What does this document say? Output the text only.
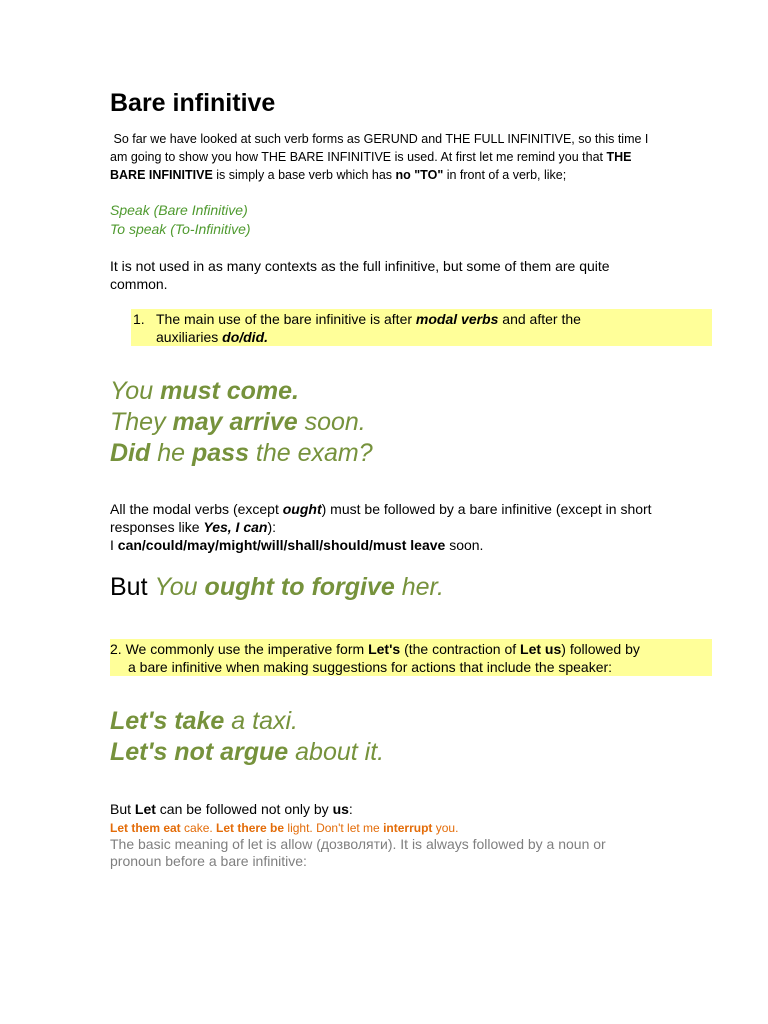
Bare infinitive
So far we have looked at such verb forms as GERUND and THE FULL INFINITIVE, so this time I
am going to show you how THE BARE INFINITIVE is used. At first let me remind you that THE
BARE INFINITIVE is simply a base verb which has no "TO" in front of a verb, like;
Speak (Bare Infinitive)
To speak (To-Infinitive)
It is not used in as many contexts as the full infinitive, but some of them are quite
common.
1. The main use of the bare infinitive is after modal verbs and after the
auxiliaries do/did.
You must come.
They may arrive soon.
Did he pass the exam?
All the modal verbs (except ought) must be followed by a bare infinitive (except in short
responses like Yes, I can):
I can/could/may/might/will/shall/should/must leave soon.
But You ought to forgive her.
2. We commonly use the imperative form Let's (the contraction of Let us) followed by
a bare infinitive when making suggestions for actions that include the speaker:
Let's take a taxi.
Let's not argue about it.
But Let can be followed not only by us:
Let them eat cake. Let there be light. Don't let me interrupt you.
The basic meaning of let is allow (дозволяти). It is always followed by a noun or
pronoun before a bare infinitive:
